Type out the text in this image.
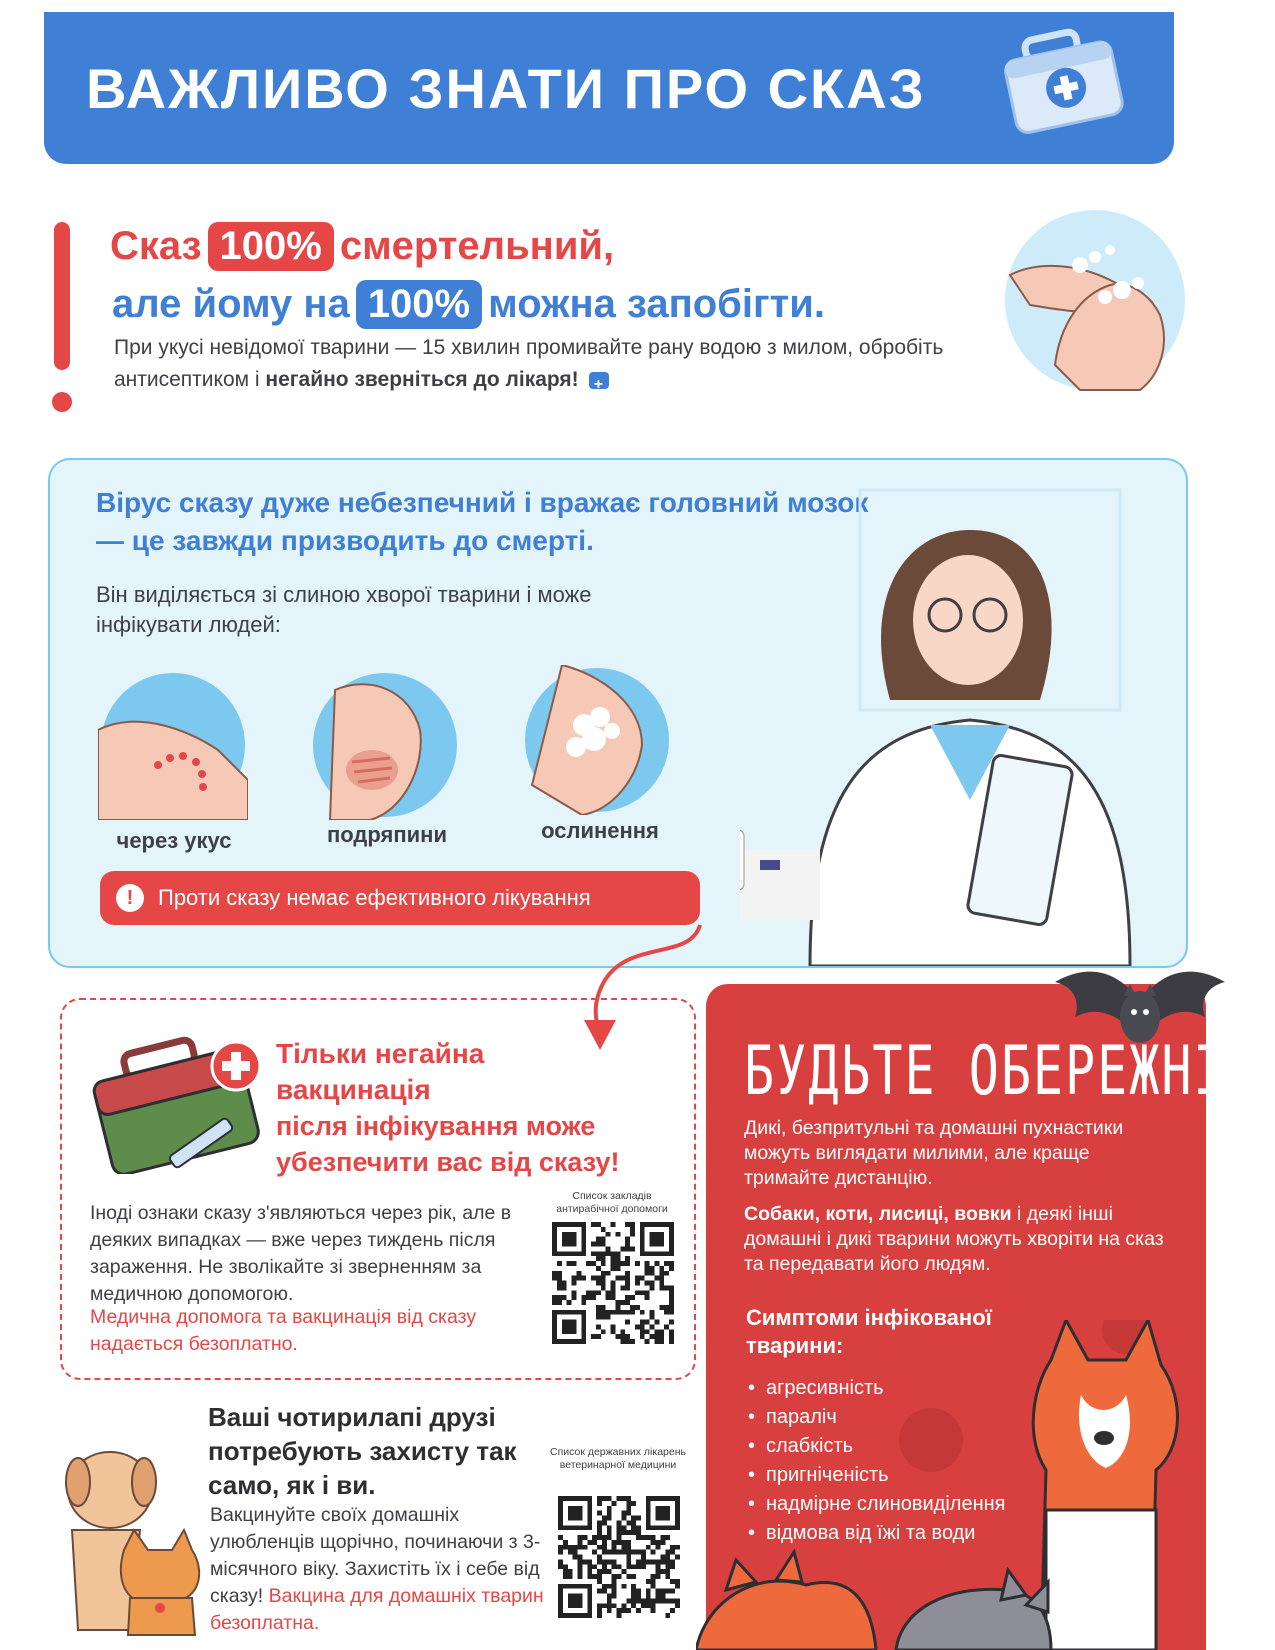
ВАЖЛИВО ЗНАТИ ПРО СКАЗ
Сказ 100% смертельний,
але йому на 100% можна запобігти.
При укусі невідомої тварини — 15 хвилин промивайте рану водою з милом, обробіть антисептиком і негайно зверніться до лікаря!+
Вірус сказу дуже небезпечний і вражає головний мозок — це завжди призводить до смерті.
Він виділяється зі слиною хворої тварини і може інфікувати людей:
через укус	подряпини	ослинення
!	Проти сказу немає ефективного лікування
Тільки негайна
вакцинація
після інфікування може
убезпечити вас від сказу!
Іноді ознаки сказу з'являються через рік, але в деяких випадках — вже через тиждень після зараження. Не зволікайте зі зверненням за медичною допомогою.
Медична допомога та вакцинація від сказу надається безоплатно.
Список закладів антирабічної допомоги
Ваші чотирилапі друзі потребують захисту так само, як і ви.
Вакцинуйте своїх домашніх улюбленців щорічно, починаючи з 3-місячного віку. Захистіть їх і себе від сказу! Вакцина для домашніх тварин безоплатна.
Список державних лікарень ветеринарної медицини
БУДЬТЕ ОБЕРЕЖНІ!
Дикі, безпритульні та домашні пухнастики можуть виглядати милими, але краще тримайте дистанцію.
Собаки, коти, лисиці, вовки і деякі інші домашні і дикі тварини можуть хворіти на сказ та передавати його людям.
Симптоми інфікованої тварини:
• агресивність
• параліч
• слабкість
• пригніченість
• надмірне слиновиділення
• відмова від їжі та води
